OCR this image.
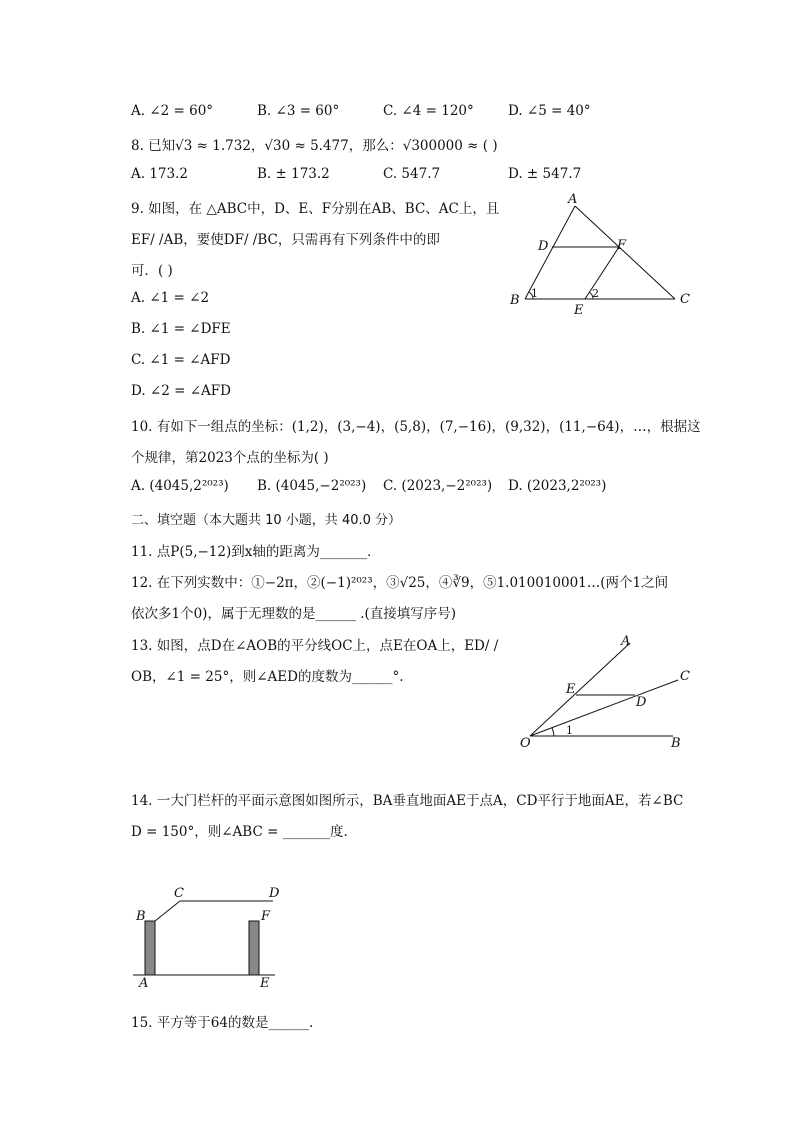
A. ∠2 = 60°	B. ∠3 = 60°	C. ∠4 = 120°	D. ∠5 = 40°
8. 已知√3 ≈ 1.732，√30 ≈ 5.477，那么：√300000 ≈ ( )
A. 173.2	B. ± 173.2	C. 547.7	D. ± 547.7
9. 如图，在 △ABC中，D、E、F分别在AB、BC、AC上，且
EF/ /AB，要使DF/ /BC，只需再有下列条件中的即
可．( )
A. ∠1 = ∠2
B. ∠1 = ∠DFE
C. ∠1 = ∠AFD
D. ∠2 = ∠AFD
A
D	F
B	C
E
1	2
10. 有如下一组点的坐标：(1,2)，(3,−4)，(5,8)，(7,−16)，(9,32)，(11,−64)，…，根据这
个规律，第2023个点的坐标为( )
A. (4045,2²⁰²³) B. (4045,−2²⁰²³) C. (2023,−2²⁰²³) D. (2023,2²⁰²³)
二、填空题（本大题共 10 小题，共 40.0 分）
11. 点P(5,−12)到x轴的距离为_______．
12. 在下列实数中：①−2π，②(−1)²⁰²³，③√25，④∛9，⑤1.010010001…(两个1之间
依次多1个0)，属于无理数的是______ .(直接填写序号)
13. 如图，点D在∠AOB的平分线OC上，点E在OA上，ED/ /
OB，∠1 = 25°，则∠AED的度数为______°.
A
C
E
D
O	B
1
14. 一大门栏杆的平面示意图如图所示，BA垂直地面AE于点A，CD平行于地面AE，若∠BC
D = 150°，则∠ABC = _______度.
B
C	D
F
A	E
15. 平方等于64的数是______.
